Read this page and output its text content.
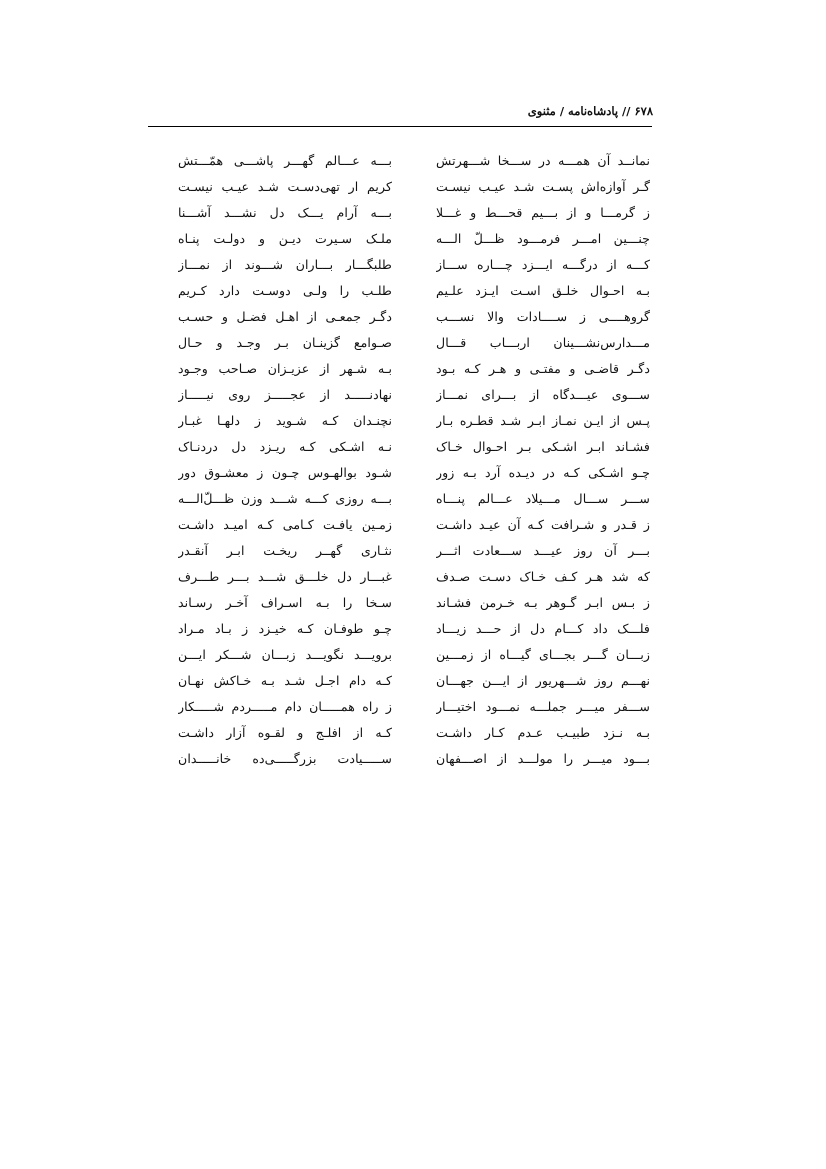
۶۷۸ // پادشاه‌نامه / مثنوی
نمانــد آن همـــه در ســـخا شـــهرتش
بـــه عـــالم گهـــر پاشـــی همّـــتش
گـر آوازه‌اش پسـت شـد عیـب نیسـت
کریم ار تهی‌دسـت شـد عیـب نیسـت
ز گرمـــا و از بـــیم قحـــط و غـــلا
بـــه آرام یـــک دل نشـــد آشـــنا
چنـــین امـــر فرمـــود ظـــلّ الـــه
ملـک سـیرت دیـن و دولـت پنـاه
کـــه از درگـــه ایـــزد چـــاره ســـاز
طلبگـــار بـــاران شـــوند از نمـــاز
بـه احـوال خلـق اسـت ایـزد علـیم
طلـب را ولـی دوسـت دارد کـریم
گروهــــی ز ســــادات والا نســـب
دگـر جمعـی از اهـل فضـل و حسـب
مـــدارس‌نشـــینان اربـــاب قـــال
صـوامع گزینـان بـر وجـد و حـال
دگـر قاضـی و مفتـی و هـر کـه بـود
بـه شـهر از عزیـزان صـاحب وجـود
ســـوی عیـــدگاه از بـــرای نمـــاز
نهادنـــــد از عجـــــز روی نیـــــاز
پـس از ایـن نمـاز ابـر شـد قطـره بـار
نچنـدان کـه شـوید ز دلهـا غبـار
فشـاند ابـر اشـکی بـر احـوال خـاک
نـه اشـکی کـه ریـزد دل دردنـاک
چـو اشـکی کـه در دیـده آرد بـه زور
شـود بوالهـوس چـون ز معشـوق دور
ســـر ســـال مـــیلاد عـــالم پنـــاه
بـــه روزی کـــه شـــد وزن ظـــلّ‌الـــه
ز قـدر و شـرافت کـه آن عیـد داشـت
زمـین یافـت کـامی کـه امیـد داشـت
بـــر آن روز عیـــد ســـعادت اثـــر
نثـاری گهــر ریخـت ابـر آنقـدر
که شد هـر کـف خـاک دسـت صـدف
غبـــار دل خلـــق شـــد بـــر طـــرف
ز بـس ابـر گـوهر بـه خـرمن فشـاند
سـخا را بـه اسـراف آخـر رسـاند
فلـــک داد کـــام دل از حـــد زیـــاد
چـو طوفـان کـه خیـزد ز بـاد مـراد
زبـــان گـــر بجـــای گیـــاه از زمـــین
برویـــد نگویـــد زبـــان شـــکر ایـــن
نهـــم روز شـــهریور از ایـــن جهـــان
کـه دام اجـل شـد بـه خـاکش نهـان
ســـفر میـــر جملـــه نمـــود اختیـــار
ز راه همـــــان دام مـــــردم شـــــکار
بـه نـزد طبیـب عـدم کـار داشـت
کـه از افلـج و لقـوه آزار داشـت
بـــود میـــر را مولـــد از اصـــفهان
ســـــیادت بزرگـــــی‌ده خانـــــدان
